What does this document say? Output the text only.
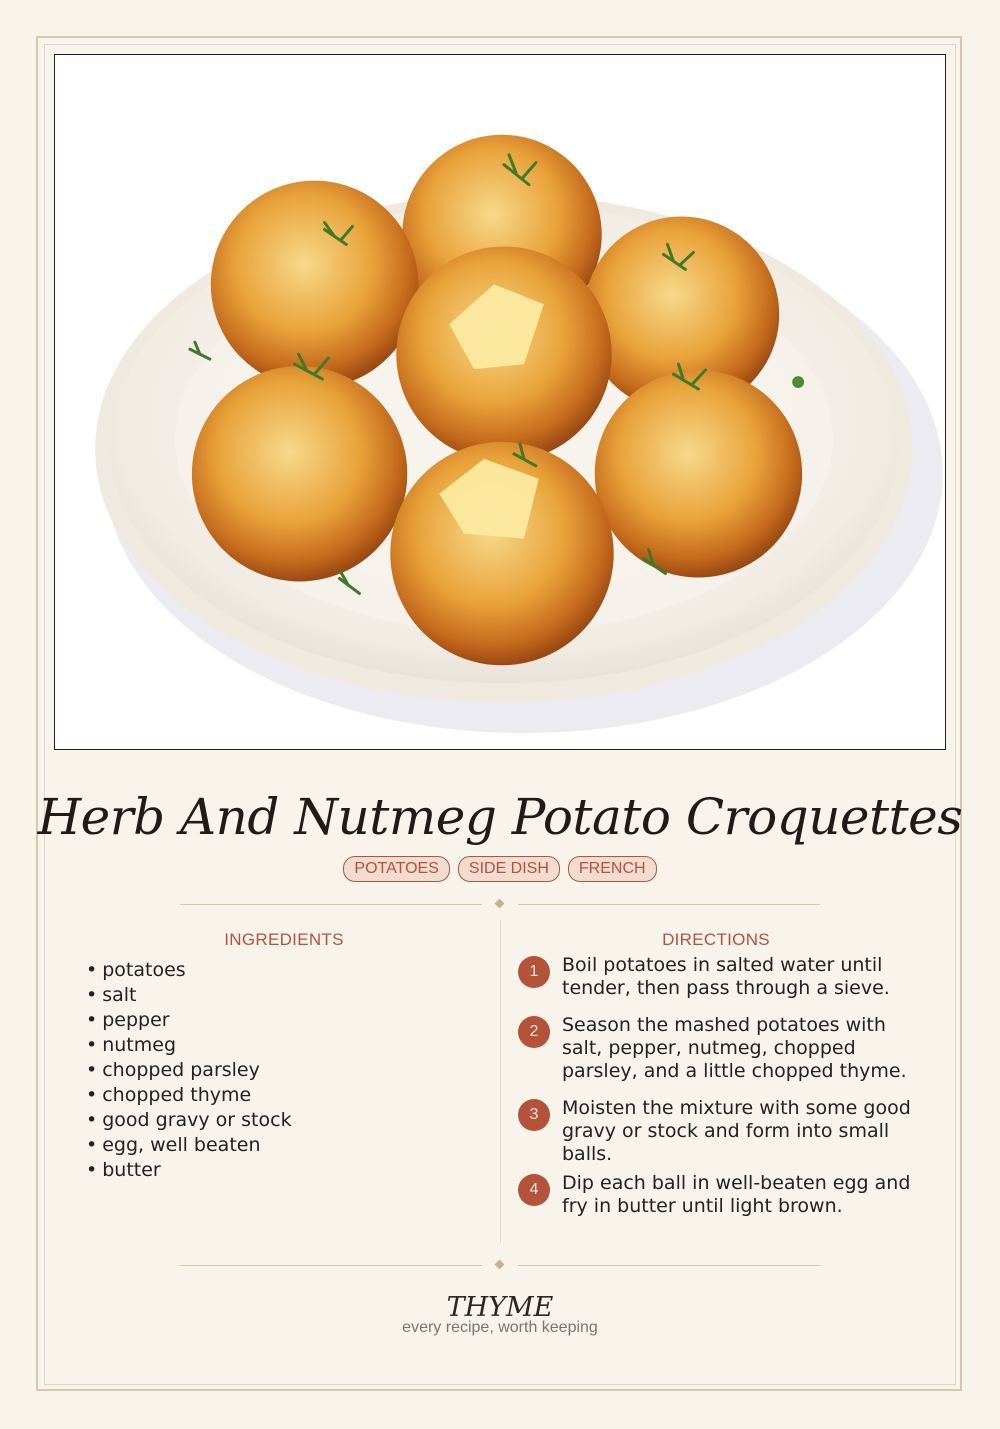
Herb And Nutmeg Potato Croquettes
POTATOES SIDE DISH FRENCH
INGREDIENTS	DIRECTIONS
• potatoes
• salt
• pepper
• nutmeg
• chopped parsley
• chopped thyme
• good gravy or stock
• egg, well beaten
• butter
1	Boil potatoes in salted water until tender, then pass through a sieve.
2	Season the mashed potatoes with salt, pepper, nutmeg, chopped parsley, and a little chopped thyme.
3	Moisten the mixture with some good gravy or stock and form into small balls.
4	Dip each ball in well-beaten egg and fry in butter until light brown.
THYME
every recipe, worth keeping
